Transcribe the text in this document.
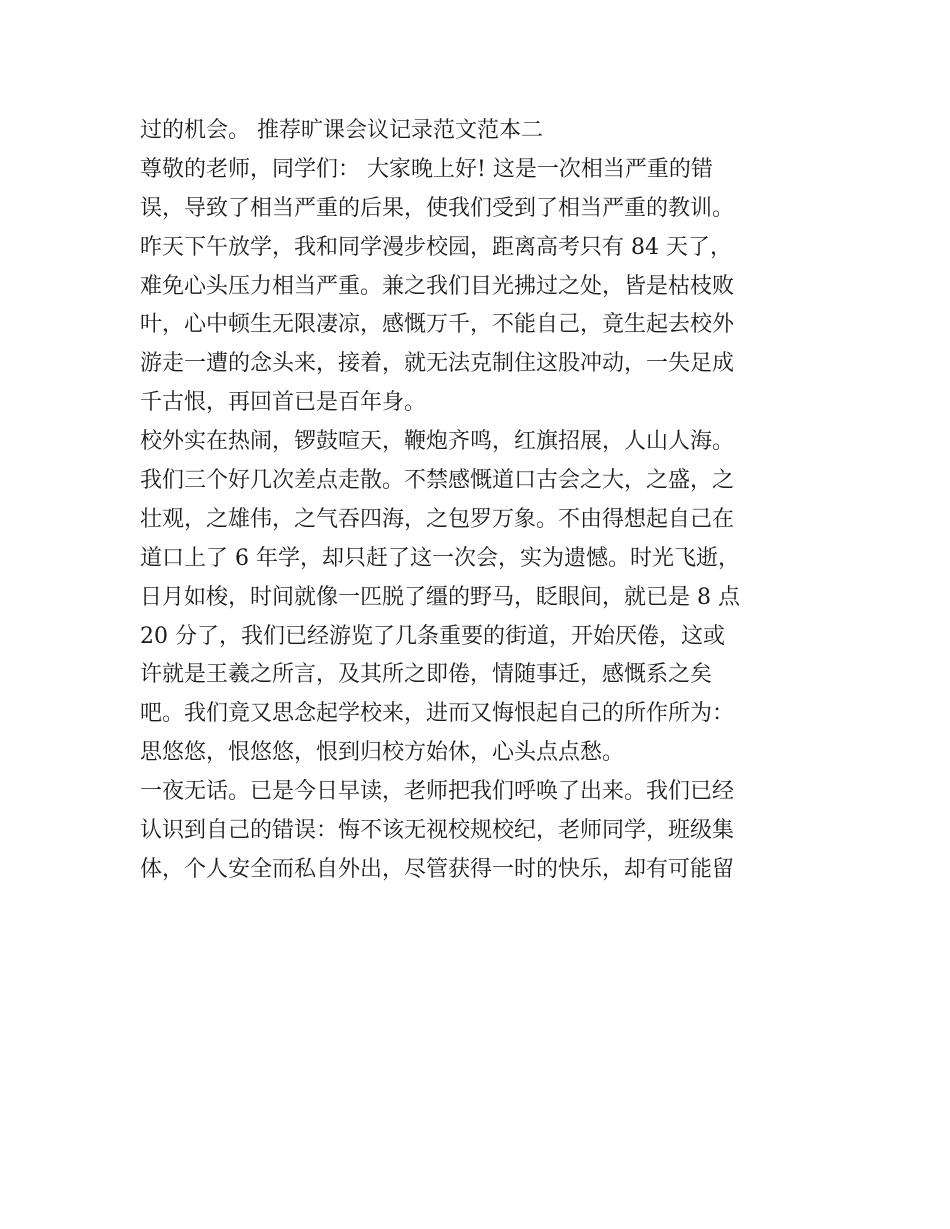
过的机会。 推荐旷课会议记录范文范本二
尊敬的老师，同学们： 大家晚上好! 这是一次相当严重的错
误，导致了相当严重的后果，使我们受到了相当严重的教训。
昨天下午放学，我和同学漫步校园，距离高考只有 84 天了，
难免心头压力相当严重。兼之我们目光拂过之处，皆是枯枝败
叶，心中顿生无限凄凉，感慨万千，不能自己，竟生起去校外
游走一遭的念头来，接着，就无法克制住这股冲动，一失足成
千古恨，再回首已是百年身。
校外实在热闹，锣鼓喧天，鞭炮齐鸣，红旗招展，人山人海。
我们三个好几次差点走散。不禁感慨道口古会之大，之盛，之
壮观，之雄伟，之气吞四海，之包罗万象。不由得想起自己在
道口上了 6 年学，却只赶了这一次会，实为遗憾。时光飞逝，
日月如梭，时间就像一匹脱了缰的野马，眨眼间，就已是 8 点
20 分了，我们已经游览了几条重要的街道，开始厌倦，这或
许就是王羲之所言，及其所之即倦，情随事迁，感慨系之矣
吧。我们竟又思念起学校来，进而又悔恨起自己的所作所为：
思悠悠，恨悠悠，恨到归校方始休，心头点点愁。
一夜无话。已是今日早读，老师把我们呼唤了出来。我们已经
认识到自己的错误：悔不该无视校规校纪，老师同学，班级集
体，个人安全而私自外出，尽管获得一时的快乐，却有可能留
